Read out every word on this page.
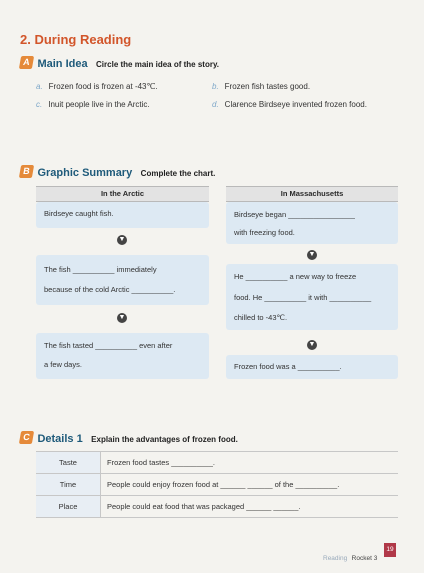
2. During Reading
A Main Idea Circle the main idea of the story.
a. Frozen food is frozen at -43℃.	b. Frozen fish tastes good.
c. Inuit people live in the Arctic.	d. Clarence Birdseye invented frozen food.
B Graphic Summary Complete the chart.
In the Arctic	In Massachusetts
Birdseye caught fish.
▼
The fish __________ immediately
because of the cold Arctic __________.
▼
The fish tasted __________ even after
a few days.
Birdseye began ________________
with freezing food.
▼
He __________ a new way to freeze
food. He __________ it with __________
chilled to -43℃.
▼
Frozen food was a __________.
C Details 1 Explain the advantages of frozen food.
Taste	Frozen food tastes __________.
Time	People could enjoy frozen food at ______ ______ of the __________.
Place	People could eat food that was packaged ______ ______.
Reading Rocket 3
19
